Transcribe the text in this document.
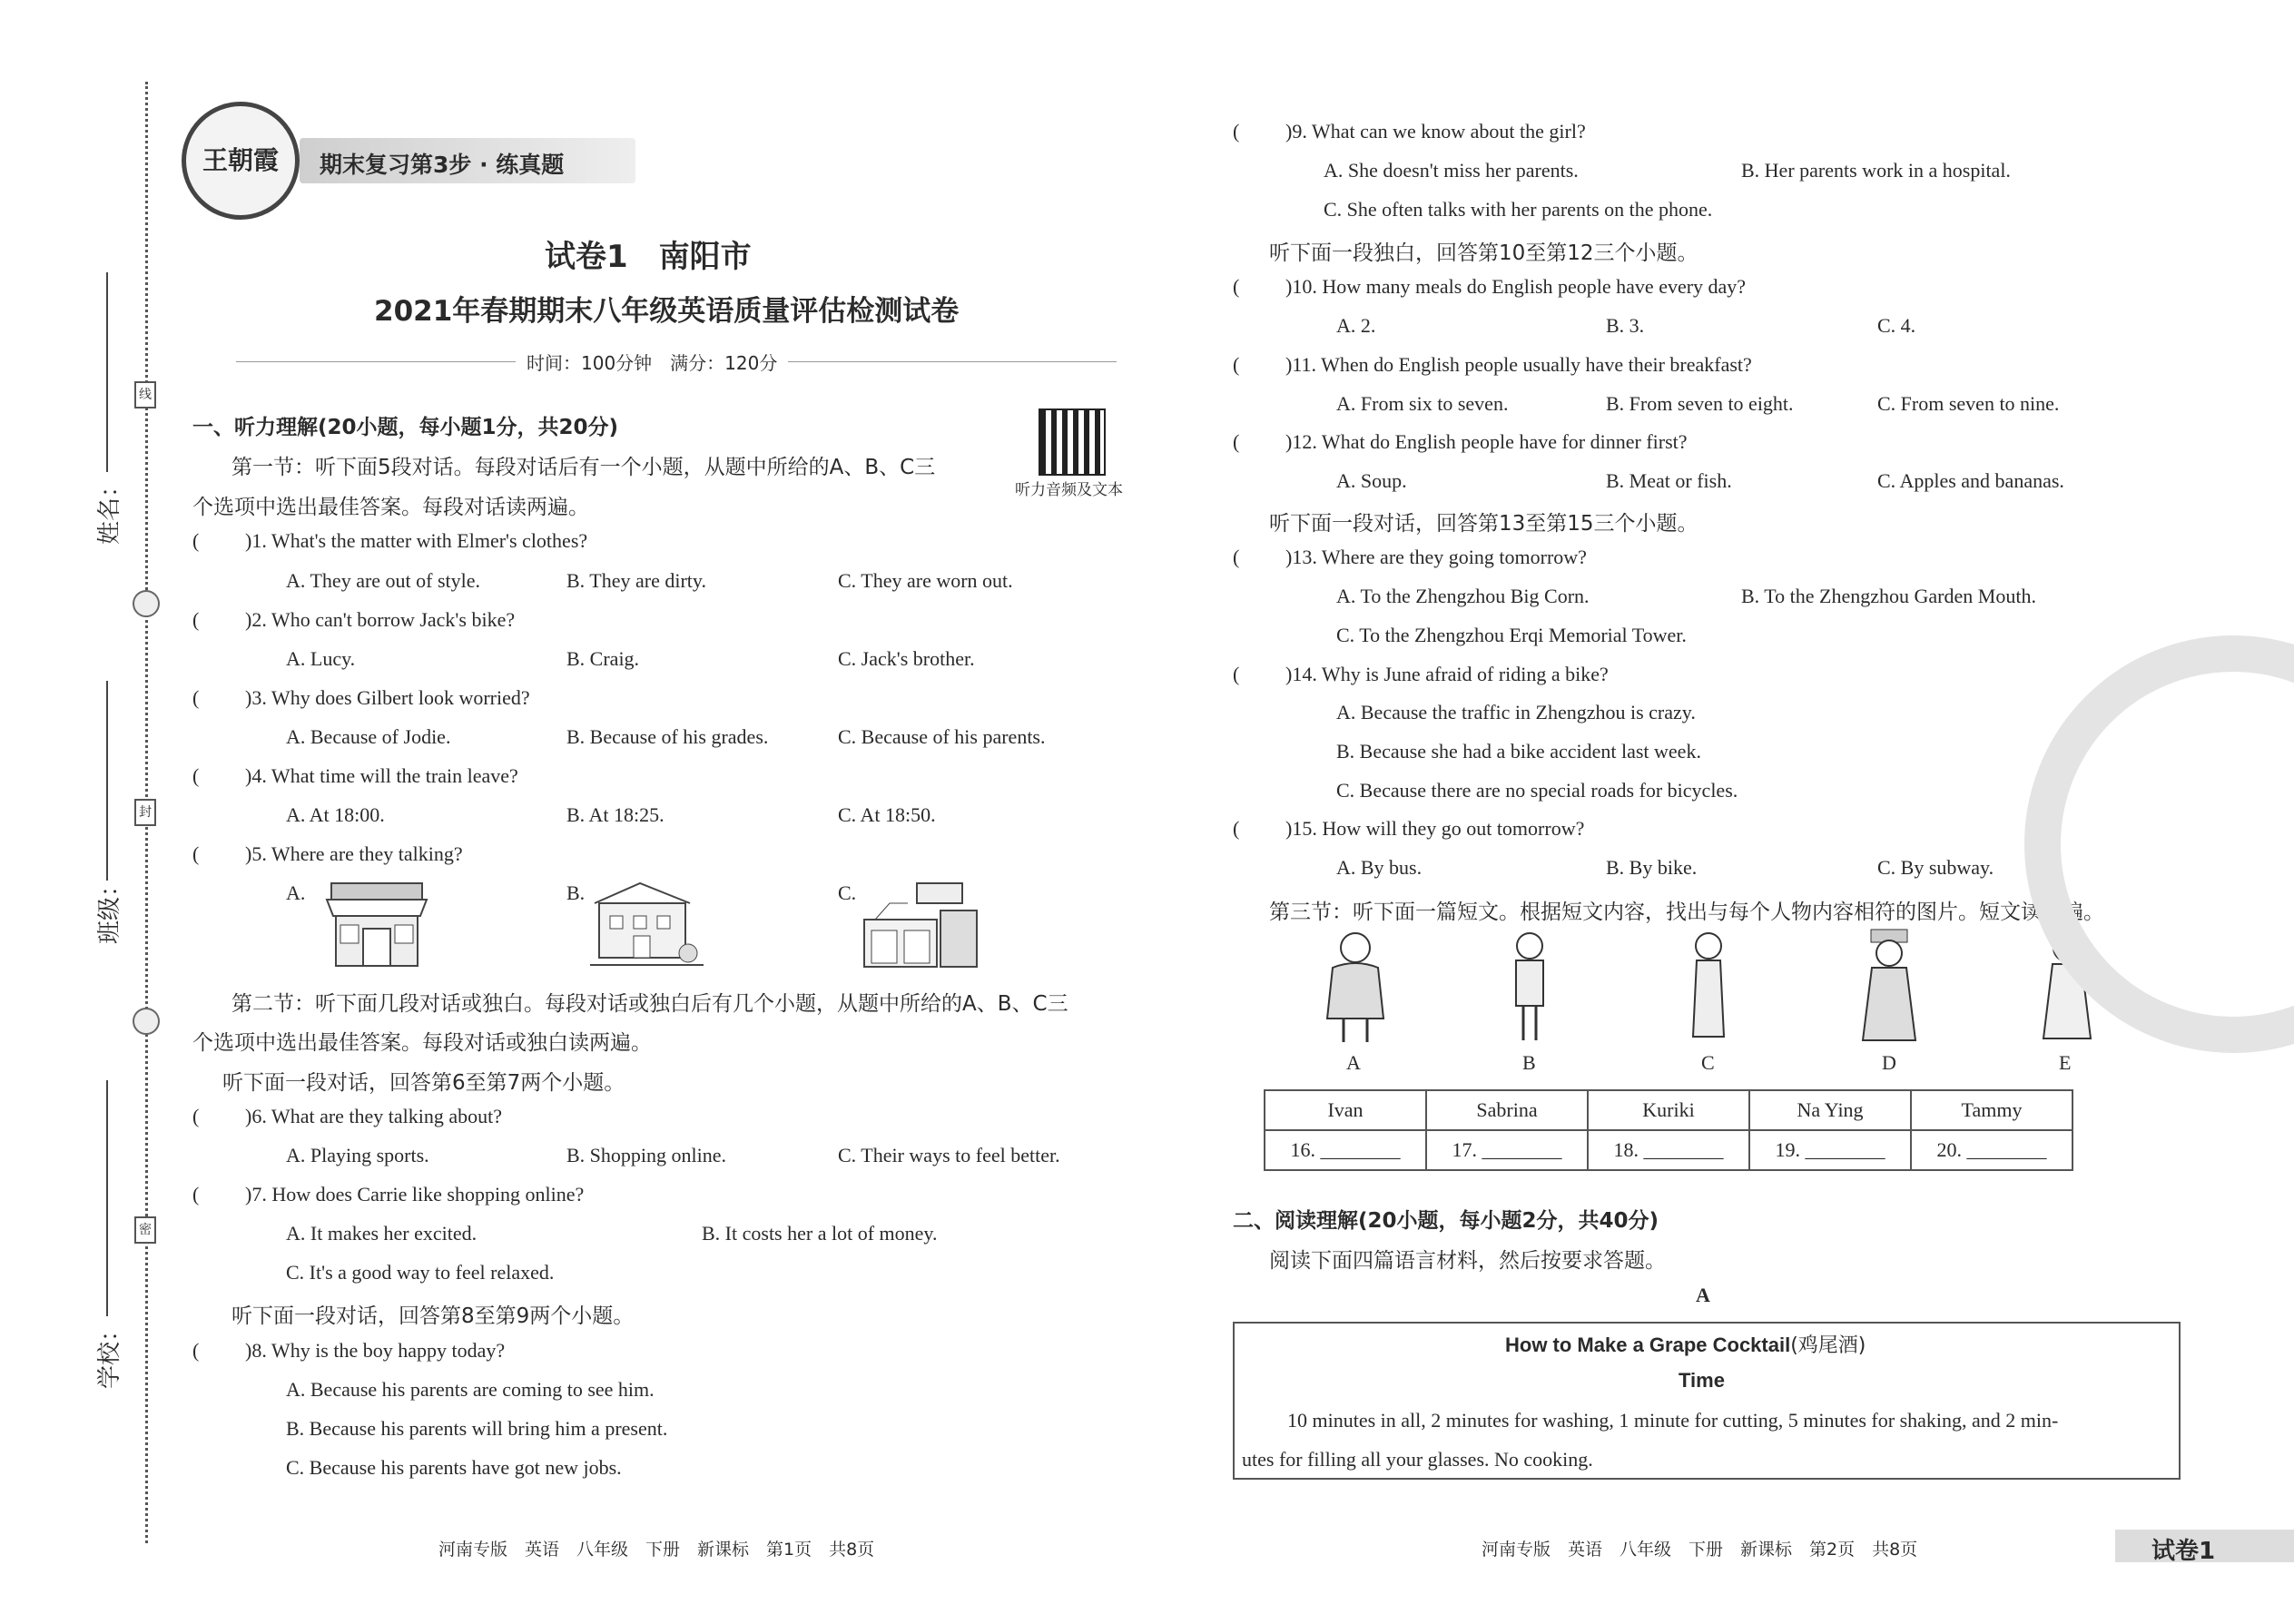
线
封
密
姓名：
班级：
学校：
王朝霞	期末复习第3步 · 练真题
试卷1　南阳市
2021年春期期末八年级英语质量评估检测试卷
时间：100分钟　满分：120分
一、听力理解(20小题，每小题1分，共20分)
听力音频及文本
第一节：听下面5段对话。每段对话后有一个小题，从题中所给的A、B、C三
个选项中选出最佳答案。每段对话读两遍。
( )1. What's the matter with Elmer's clothes?
A. They are out of style.	B. They are dirty.	C. They are worn out.
( )2. Who can't borrow Jack's bike?
A. Lucy.	B. Craig.	C. Jack's brother.
( )3. Why does Gilbert look worried?
A. Because of Jodie.	B. Because of his grades.	C. Because of his parents.
( )4. What time will the train leave?
A. At 18:00.	B. At 18:25.	C. At 18:50.
( )5. Where are they talking?
A.	B.	C.
第二节：听下面几段对话或独白。每段对话或独白后有几个小题，从题中所给的A、B、C三
个选项中选出最佳答案。每段对话或独白读两遍。
听下面一段对话，回答第6至第7两个小题。
( )6. What are they talking about?
A. Playing sports.	B. Shopping online.	C. Their ways to feel better.
( )7. How does Carrie like shopping online?
A. It makes her excited.	B. It costs her a lot of money.
C. It's a good way to feel relaxed.
听下面一段对话，回答第8至第9两个小题。
( )8. Why is the boy happy today?
A. Because his parents are coming to see him.
B. Because his parents will bring him a present.
C. Because his parents have got new jobs.
河南专版　英语　八年级　下册　新课标　第1页　共8页
( )9. What can we know about the girl?
A. She doesn't miss her parents.	B. Her parents work in a hospital.
C. She often talks with her parents on the phone.
听下面一段独白，回答第10至第12三个小题。
( )10. How many meals do English people have every day?
A. 2.	B. 3.	C. 4.
( )11. When do English people usually have their breakfast?
A. From six to seven.	B. From seven to eight.	C. From seven to nine.
( )12. What do English people have for dinner first?
A. Soup.	B. Meat or fish.	C. Apples and bananas.
听下面一段对话，回答第13至第15三个小题。
( )13. Where are they going tomorrow?
A. To the Zhengzhou Big Corn.	B. To the Zhengzhou Garden Mouth.
C. To the Zhengzhou Erqi Memorial Tower.
( )14. Why is June afraid of riding a bike?
A. Because the traffic in Zhengzhou is crazy.
B. Because she had a bike accident last week.
C. Because there are no special roads for bicycles.
( )15. How will they go out tomorrow?
A. By bus.	B. By bike.	C. By subway.
第三节：听下面一篇短文。根据短文内容，找出与每个人物内容相符的图片。短文读两遍。
A	B	C	D	E
Ivan	Sabrina	Kuriki	Na Ying	Tammy
16. ________	17. ________	18. ________	19. ________	20. ________
二、阅读理解(20小题，每小题2分，共40分)
阅读下面四篇语言材料，然后按要求答题。
A
How to Make a Grape Cocktail(鸡尾酒)
Time
10 minutes in all, 2 minutes for washing, 1 minute for cutting, 5 minutes for shaking, and 2 min-
utes for filling all your glasses. No cooking.
河南专版　英语　八年级　下册　新课标　第2页　共8页	试卷1
